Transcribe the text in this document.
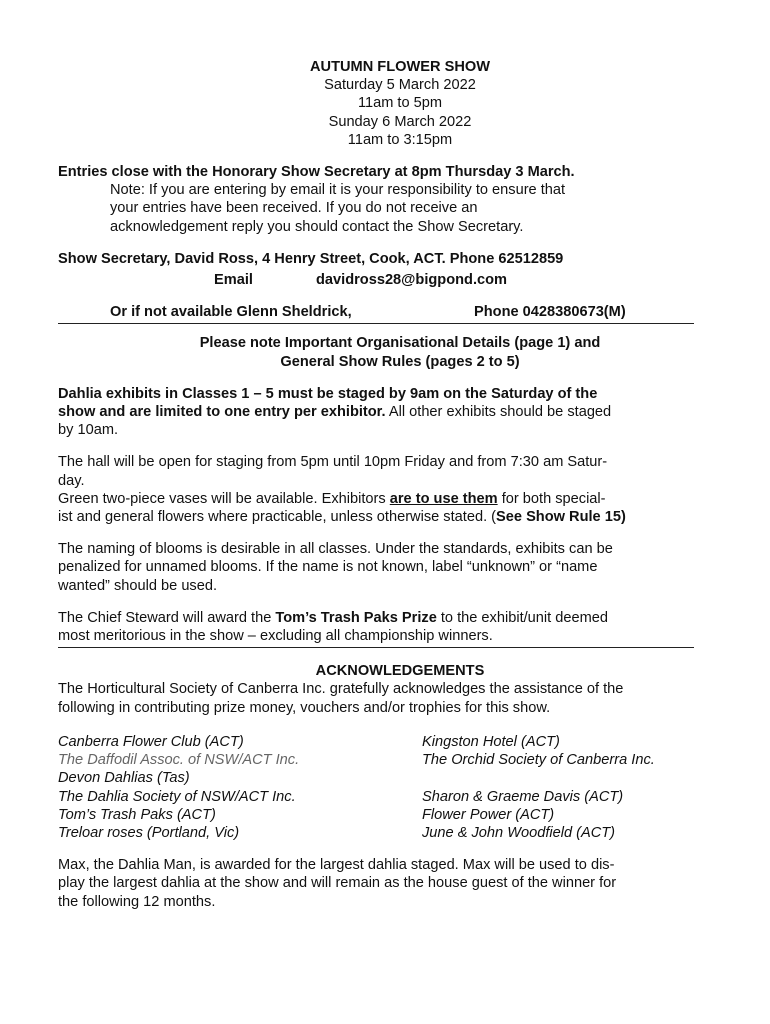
AUTUMN FLOWER SHOW
Saturday 5 March 2022
11am to 5pm
Sunday 6 March 2022
11am to 3:15pm
Entries close with the Honorary Show Secretary at 8pm Thursday 3 March.
Note: If you are entering by email it is your responsibility to ensure that
your entries have been received. If you do not receive an
acknowledgement reply you should contact the Show Secretary.
Show Secretary, David Ross, 4 Henry Street, Cook, ACT. Phone 62512859
Email	davidross28@bigpond.com
Or if not available Glenn Sheldrick,	Phone 0428380673(M)
Please note Important Organisational Details (page 1) and
General Show Rules (pages 2 to 5)
Dahlia exhibits in Classes 1 – 5 must be staged by 9am on the Saturday of the
show and are limited to one entry per exhibitor. All other exhibits should be staged
by 10am.
The hall will be open for staging from 5pm until 10pm Friday and from 7:30 am Satur-
day.
Green two-piece vases will be available. Exhibitors are to use them for both special-
ist and general flowers where practicable, unless otherwise stated. (See Show Rule 15)
The naming of blooms is desirable in all classes. Under the standards, exhibits can be
penalized for unnamed blooms. If the name is not known, label “unknown” or “name
wanted” should be used.
The Chief Steward will award the Tom’s Trash Paks Prize to the exhibit/unit deemed
most meritorious in the show – excluding all championship winners.
ACKNOWLEDGEMENTS
The Horticultural Society of Canberra Inc. gratefully acknowledges the assistance of the
following in contributing prize money, vouchers and/or trophies for this show.
Canberra Flower Club (ACT)	Kingston Hotel (ACT)
The Daffodil Assoc. of NSW/ACT Inc.	The Orchid Society of Canberra Inc.
Devon Dahlias (Tas)
The Dahlia Society of NSW/ACT Inc.	Sharon & Graeme Davis (ACT)
Tom’s Trash Paks (ACT)	Flower Power (ACT)
Treloar roses (Portland, Vic)	June & John Woodfield (ACT)
Max, the Dahlia Man, is awarded for the largest dahlia staged. Max will be used to dis-
play the largest dahlia at the show and will remain as the house guest of the winner for
the following 12 months.
